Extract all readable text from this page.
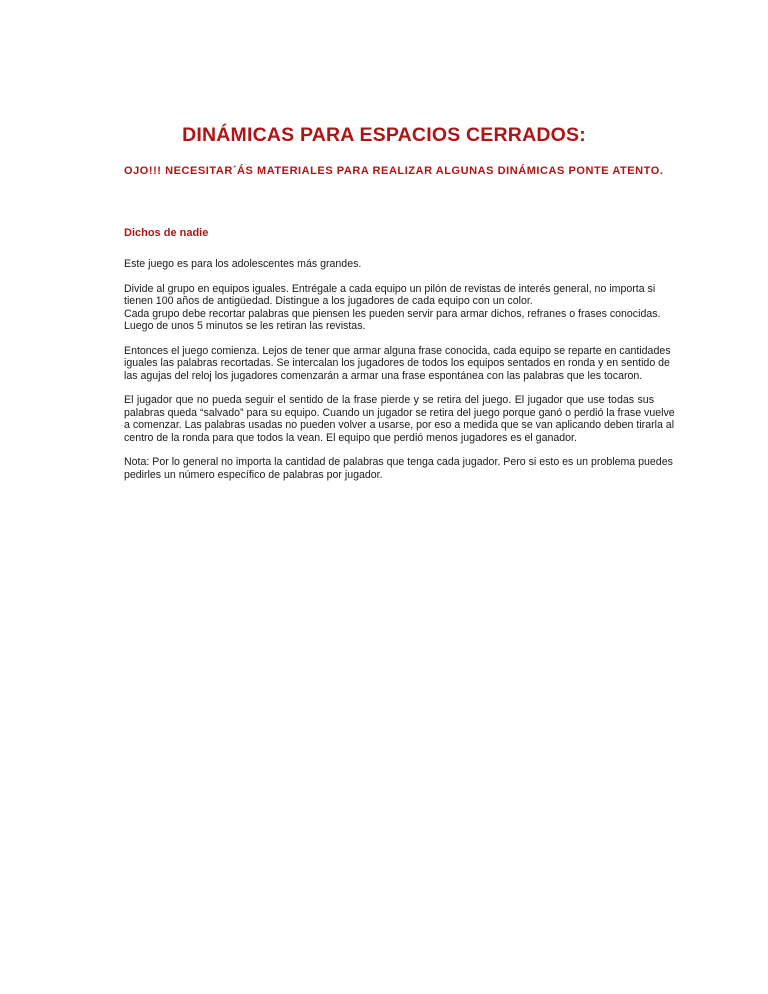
DINÁMICAS PARA ESPACIOS CERRADOS:

OJO!!! NECESITAR´ÁS MATERIALES PARA REALIZAR ALGUNAS DINÁMICAS PONTE ATENTO.

Dichos de nadie

Este juego es para los adolescentes más grandes.

Divide al grupo en equipos iguales. Entrégale a cada equipo un pilón de revistas de interés general, no importa si
tienen 100 años de antigüedad. Distingue a los jugadores de cada equipo con un color.
Cada grupo debe recortar palabras que piensen les pueden servir para armar dichos, refranes o frases conocidas.
Luego de unos 5 minutos se les retiran las revistas.

Entonces el juego comienza. Lejos de tener que armar alguna frase conocida, cada equipo se reparte en cantidades
iguales las palabras recortadas. Se intercalan los jugadores de todos los equipos sentados en ronda y en sentido de
las agujas del reloj los jugadores comenzarán a armar una frase espontánea con las palabras que les tocaron.

El jugador que no pueda seguir el sentido de la frase pierde y se retira del juego. El jugador que use todas sus
palabras queda “salvado” para su equipo. Cuando un jugador se retira del juego porque ganó o perdió la frase vuelve
a comenzar. Las palabras usadas no pueden volver a usarse, por eso a medida que se van aplicando deben tirarla al
centro de la ronda para que todos la vean. El equipo que perdió menos jugadores es el ganador.

Nota: Por lo general no importa la cantidad de palabras que tenga cada jugador. Pero si esto es un problema puedes
pedirles un número específico de palabras por jugador.
